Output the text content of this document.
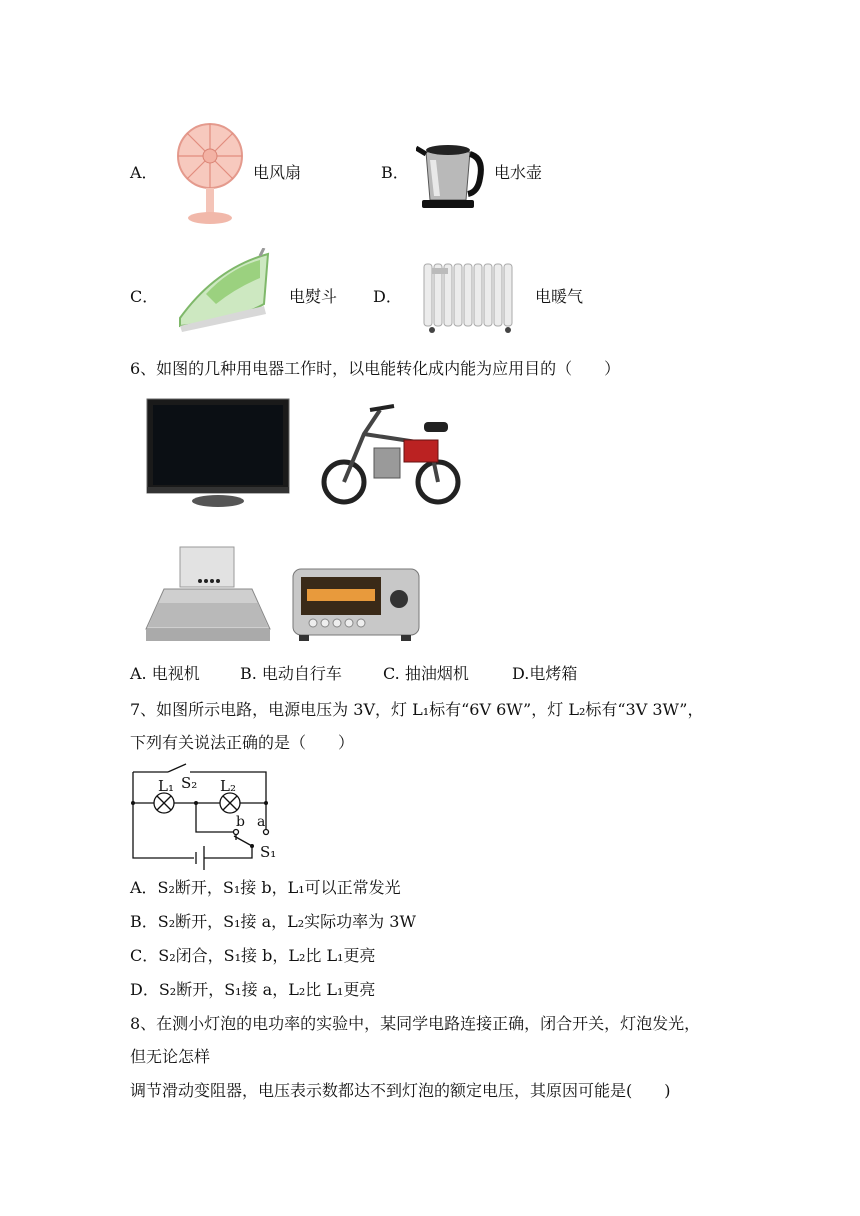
A．	电风扇	B．	电水壶
C．	电熨斗 D．	电暖气
6、如图的几种用电器工作时，以电能转化成内能为应用目的（　　）
A. 电视机	B. 电动自行车	C. 抽油烟机	D.电烤箱
7、如图所示电路，电源电压为 3V，灯 L₁标有“6V 6W”，灯 L₂标有“3V 3W”，
下列有关说法正确的是（　　）
L₁ S₂ L₂
b a
S₁
A．S₂断开，S₁接 b，L₁可以正常发光
B．S₂断开，S₁接 a，L₂实际功率为 3W
C．S₂闭合，S₁接 b，L₂比 L₁更亮
D．S₂断开，S₁接 a，L₂比 L₁更亮
8、在测小灯泡的电功率的实验中，某同学电路连接正确，闭合开关，灯泡发光，
但无论怎样
调节滑动变阻器，电压表示数都达不到灯泡的额定电压，其原因可能是(　　)
